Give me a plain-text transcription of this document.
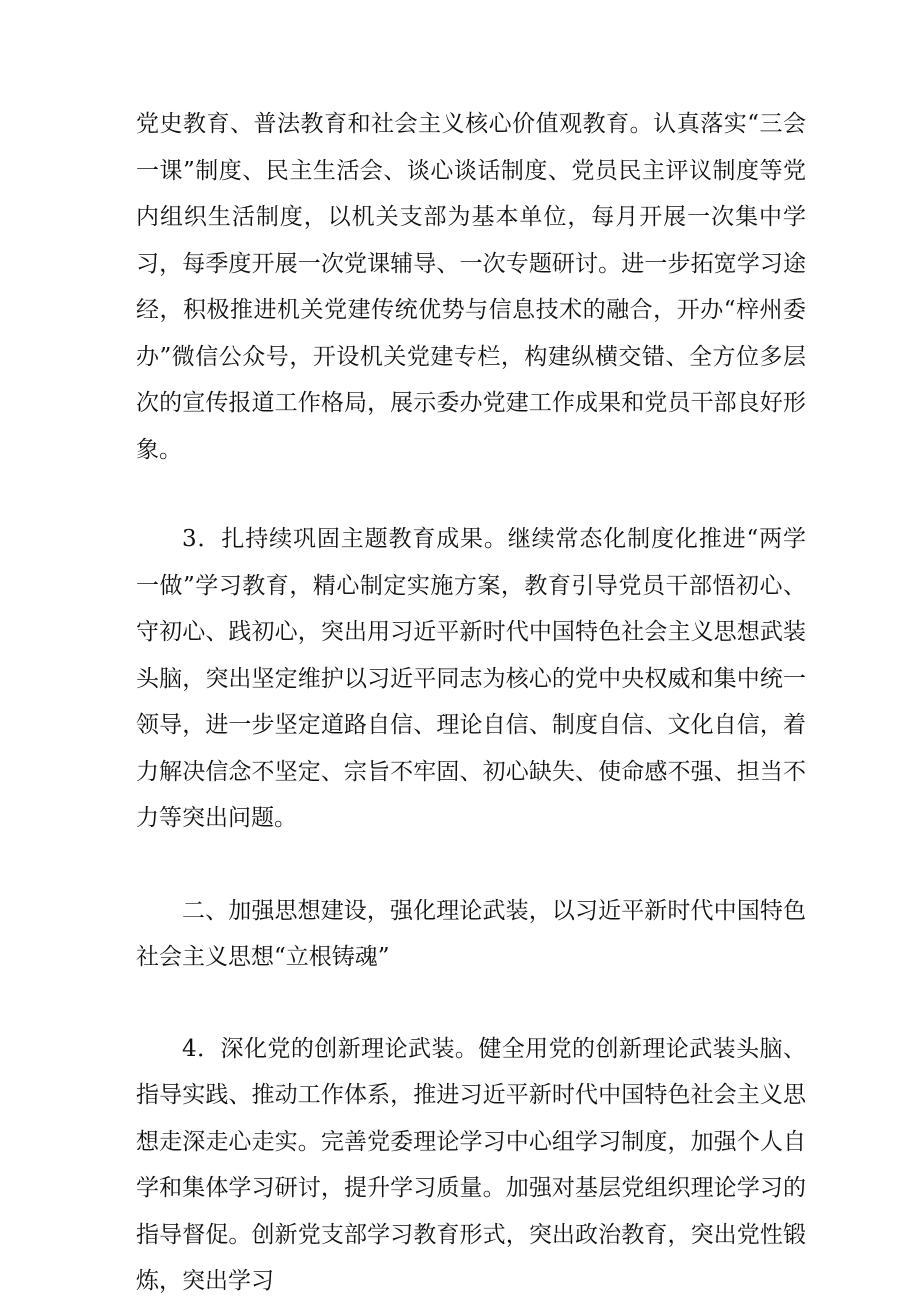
党史教育、普法教育和社会主义核心价值观教育。认真落实“三会一课”制度、民主生活会、谈心谈话制度、党员民主评议制度等党内组织生活制度，以机关支部为基本单位，每月开展一次集中学习，每季度开展一次党课辅导、一次专题研讨。进一步拓宽学习途经，积极推进机关党建传统优势与信息技术的融合，开办“梓州委办”微信公众号，开设机关党建专栏，构建纵横交错、全方位多层次的宣传报道工作格局，展示委办党建工作成果和党员干部良好形象。

3．扎持续巩固主题教育成果。继续常态化制度化推进“两学一做”学习教育，精心制定实施方案，教育引导党员干部悟初心、守初心、践初心，突出用习近平新时代中国特色社会主义思想武装头脑，突出坚定维护以习近平同志为核心的党中央权威和集中统一领导，进一步坚定道路自信、理论自信、制度自信、文化自信，着力解决信念不坚定、宗旨不牢固、初心缺失、使命感不强、担当不力等突出问题。

二、加强思想建设，强化理论武装，以习近平新时代中国特色社会主义思想“立根铸魂”

4．深化党的创新理论武装。健全用党的创新理论武装头脑、指导实践、推动工作体系，推进习近平新时代中国特色社会主义思想走深走心走实。完善党委理论学习中心组学习制度，加强个人自学和集体学习研讨，提升学习质量。加强对基层党组织理论学习的指导督促。创新党支部学习教育形式，突出政治教育，突出党性锻炼，突出学习
